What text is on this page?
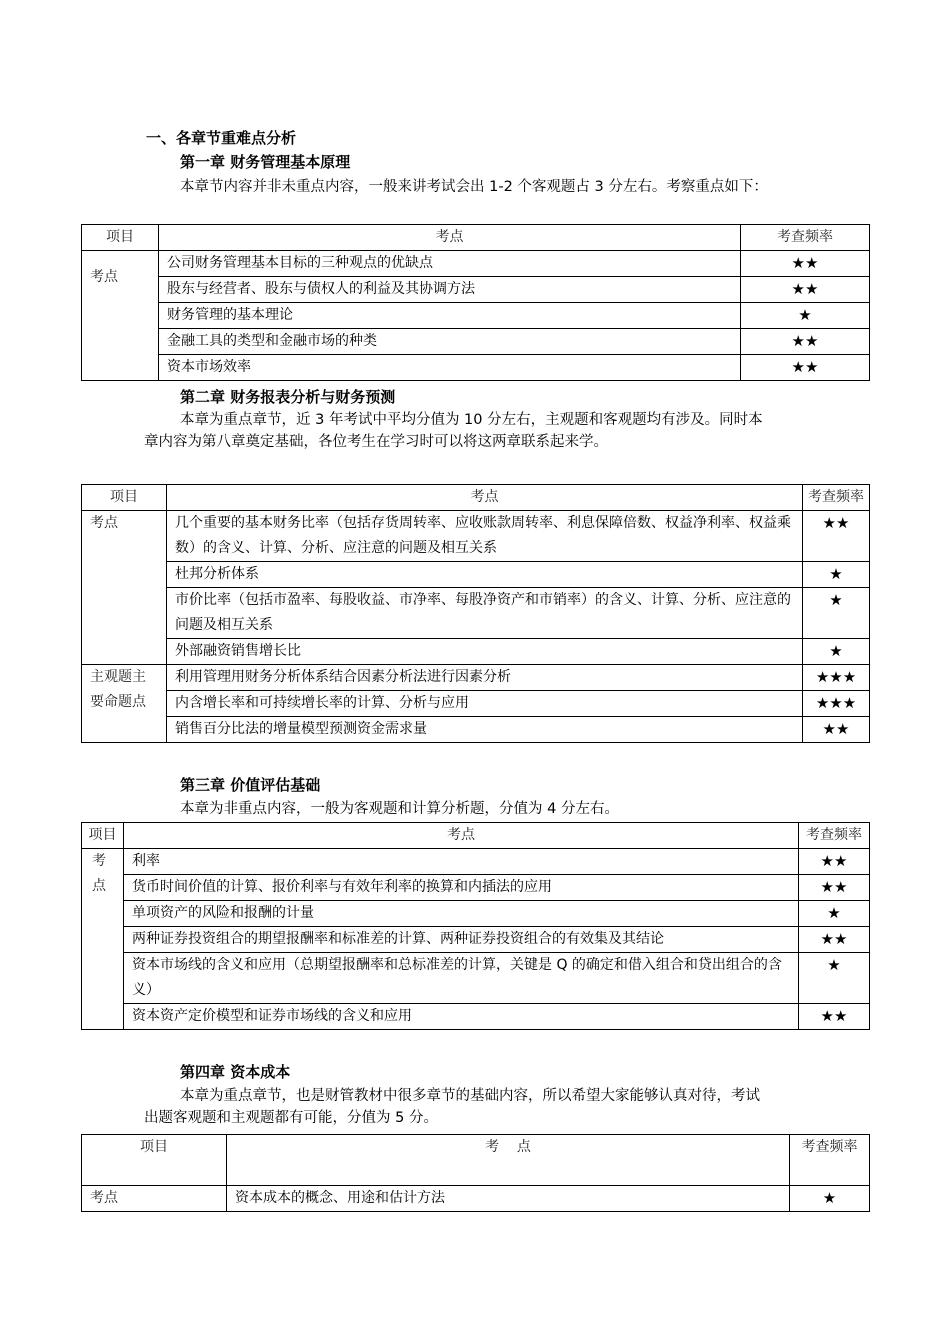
一、各章节重难点分析
第一章 财务管理基本原理
本章节内容并非未重点内容，一般来讲考试会出 1-2 个客观题占 3 分左右。考察重点如下：
项目	考点	考查频率

考点	公司财务管理基本目标的三种观点的优缺点	★★
	股东与经营者、股东与债权人的利益及其协调方法	★★
	财务管理的基本理论	★
	金融工具的类型和金融市场的种类	★★
	资本市场效率	★★
第二章 财务报表分析与财务预测
本章为重点章节，近 3 年考试中平均分值为 10 分左右，主观题和客观题均有涉及。同时本章内容为第八章奠定基础，各位考生在学习时可以将这两章联系起来学。
项目	考点	考查频率
考点	几个重要的基本财务比率（包括存货周转率、应收账款周转率、利息保障倍数、权益净利率、权益乘数）的含义、计算、分析、应注意的问题及相互关系	★★
	杜邦分析体系	★
	市价比率（包括市盈率、每股收益、市净率、每股净资产和市销率）的含义、计算、分析、应注意的问题及相互关系	★
	外部融资销售增长比	★
主观题主要命题点	利用管理用财务分析体系结合因素分析法进行因素分析	★★★
	内含增长率和可持续增长率的计算、分析与应用	★★★
	销售百分比法的增量模型预测资金需求量	★★
第三章 价值评估基础
本章为非重点内容，一般为客观题和计算分析题，分值为 4 分左右。
项目	考点	考查频率
考点	利率	★★
	货币时间价值的计算、报价利率与有效年利率的换算和内插法的应用	★★
	单项资产的风险和报酬的计量	★
	两种证券投资组合的期望报酬率和标准差的计算、两种证券投资组合的有效集及其结论	★★
	资本市场线的含义和应用（总期望报酬率和总标准差的计算，关键是 Q 的确定和借入组合和贷出组合的含义）	★
	资本资产定价模型和证券市场线的含义和应用	★★
第四章 资本成本
本章为重点章节，也是财管教材中很多章节的基础内容，所以希望大家能够认真对待，考试出题客观题和主观题都有可能，分值为 5 分。
项目	考    点	考查频率
考点	资本成本的概念、用途和估计方法	★
